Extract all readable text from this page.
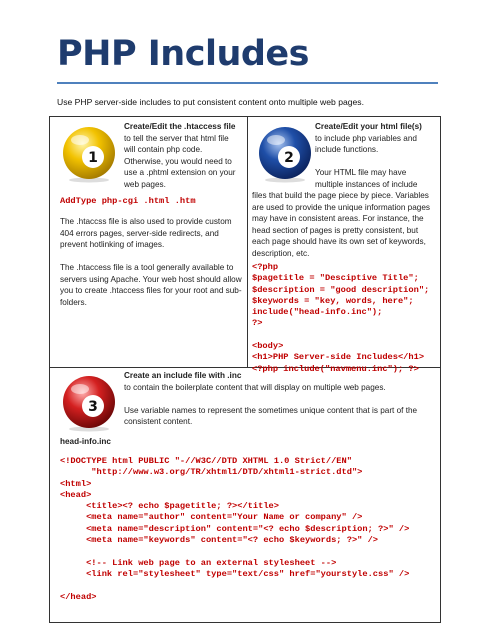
PHP Includes
Use PHP server-side includes to put consistent content onto multiple web pages.
1
Create/Edit the .htaccess file
to tell the server that html file
will contain php code.
Otherwise, you would need to
use a .phtml extension on your
web pages.
AddType php-cgi .html .htm
The .htaccss file is also used to provide custom
404 errors pages, server-side redirects, and
prevent hotlinking of images.
The .htaccess file is a tool generally available to
servers using Apache. Your web host should allow
you to create .htaccess files for your root and sub-
folders.
2
Create/Edit your html file(s)
to include php variables and
include functions.
Your HTML file may have
multiple instances of include
files that build the page piece by piece. Variables
are used to provide the unique information pages
may have in consistent areas. For instance, the
head section of pages is pretty consistent, but
each page should have its own set of keywords,
description, etc.
<?php
$pagetitle = "Desciptive Title";
$description = "good description";
$keywords = "key, words, here";
include("head-info.inc");
?>
<body>
<h1>PHP Server-side Includes</h1>
<?php include("navmenu.inc"); ?>
3
Create an include file with .inc
to contain the boilerplate content that will display on multiple web pages.
Use variable names to represent the sometimes unique content that is part of the
consistent content.
head-info.inc
<!DOCTYPE html PUBLIC "-//W3C//DTD XHTML 1.0 Strict//EN"
"http://www.w3.org/TR/xhtml1/DTD/xhtml1-strict.dtd">
<html>
<head>
<title><? echo $pagetitle; ?></title>
<meta name="author" content="Your Name or company" />
<meta name="description" content="<? echo $description; ?>" />
<meta name="keywords" content="<? echo $keywords; ?>" />
<!-- Link web page to an external stylesheet -->
<link rel="stylesheet" type="text/css" href="yourstyle.css" />
</head>
